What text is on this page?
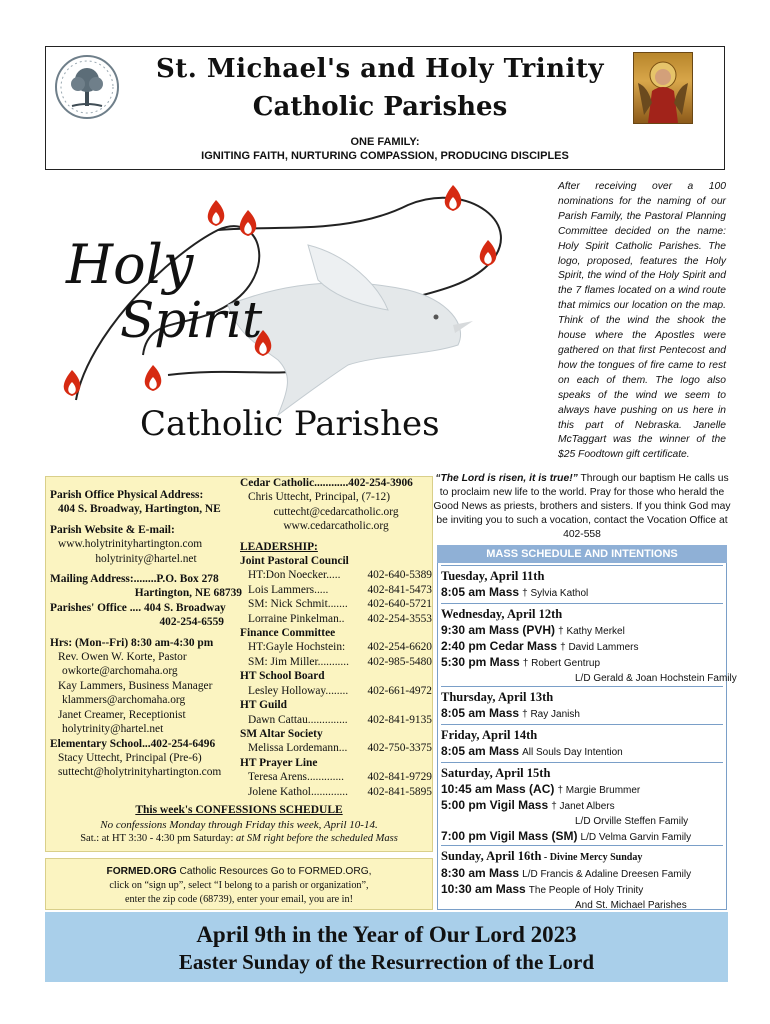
St. Michael's and Holy Trinity
Catholic Parishes
ONE FAMILY:
IGNITING FAITH, NURTURING COMPASSION, PRODUCING DISCIPLES
Holy
Spirit
Catholic Parishes
After receiving over a 100 nominations for the naming of our Parish Family, the Pastoral Planning Committee decided on the name: Holy Spirit Catholic Parishes. The logo, proposed, features the Holy Spirit, the wind of the Holy Spirit and the 7 flames located on a wind route that mimics our location on the map. Think of the wind the shook the house where the Apostles were gathered on that first Pentecost and how the tongues of fire came to rest on each of them. The logo also speaks of the wind we seem to always have pushing on us here in this part of Nebraska. Janelle McTaggart was the winner of the $25 Foodtown gift certificate.
“The Lord is risen, it is true!” Through our baptism He calls us to proclaim new life to the world. Pray for those who herald the Good News as priests, brothers and sisters. If you think God may be inviting you to such a vocation, contact the Vocation Office at 402-558
Parish Office Physical Address:
404 S. Broadway, Hartington, NE
Parish Website & E-mail:
www.holytrinityhartington.com
holytrinity@hartel.net
Mailing Address:........P.O. Box 278
Hartington, NE 68739
Parishes' Office .... 404 S. Broadway
402-254-6559
Hrs: (Mon--Fri) 8:30 am-4:30 pm
Rev. Owen W. Korte, Pastor
owkorte@archomaha.org
Kay Lammers, Business Manager
klammers@archomaha.org
Janet Creamer, Receptionist
holytrinity@hartel.net
Elementary School...402-254-6496
Stacy Uttecht, Principal (Pre-6)
suttecht@holytrinityhartington.com
Cedar Catholic............402-254-3906
Chris Uttecht, Principal, (7-12)
cuttecht@cedarcatholic.org
www.cedarcatholic.org
LEADERSHIP:
Joint Pastoral Council
HT:Don Noecker..... 402-640-5389
Lois Lammers.....	402-841-5473
SM: Nick Schmit....... 402-640-5721
Lorraine Pinkelman.. 402-254-3553
Finance Committee
HT:Gayle Hochstein: 402-254-6620
SM: Jim Miller........... 402-985-5480
HT School Board
Lesley Holloway........ 402-661-4972
HT Guild
Dawn Cattau.............. 402-841-9135
SM Altar Society
Melissa Lordemann... 402-750-3375
HT Prayer Line
Teresa Arens............. 402-841-9729
Jolene Kathol............. 402-841-5895
This week's CONFESSIONS SCHEDULE
No confessions Monday through Friday this week, April 10-14.
Sat.: at HT 3:30 - 4:30 pm Saturday: at SM right before the scheduled Mass
FORMED.ORG Catholic Resources Go to FORMED.ORG,
click on “sign up”, select “I belong to a parish or organization”,
enter the zip code (68739), enter your email, you are in!
MASS SCHEDULE AND INTENTIONS
Tuesday, April 11th
8:05 am Mass † Sylvia Kathol
Wednesday, April 12th
9:30 am Mass (PVH) † Kathy Merkel
2:40 pm Cedar Mass † David Lammers
5:30 pm Mass † Robert Gentrup
L/D Gerald & Joan Hochstein Family
Thursday, April 13th
8:05 am Mass † Ray Janish
Friday, April 14th
8:05 am Mass All Souls Day Intention
Saturday, April 15th
10:45 am Mass (AC) † Margie Brummer
5:00 pm Vigil Mass † Janet Albers
L/D Orville Steffen Family
7:00 pm Vigil Mass (SM) L/D Velma Garvin Family
Sunday, April 16th - Divine Mercy Sunday
8:30 am Mass L/D Francis & Adaline Dreesen Family
10:30 am Mass The People of Holy Trinity
And St. Michael Parishes
April 9th in the Year of Our Lord 2023
Easter Sunday of the Resurrection of the Lord
